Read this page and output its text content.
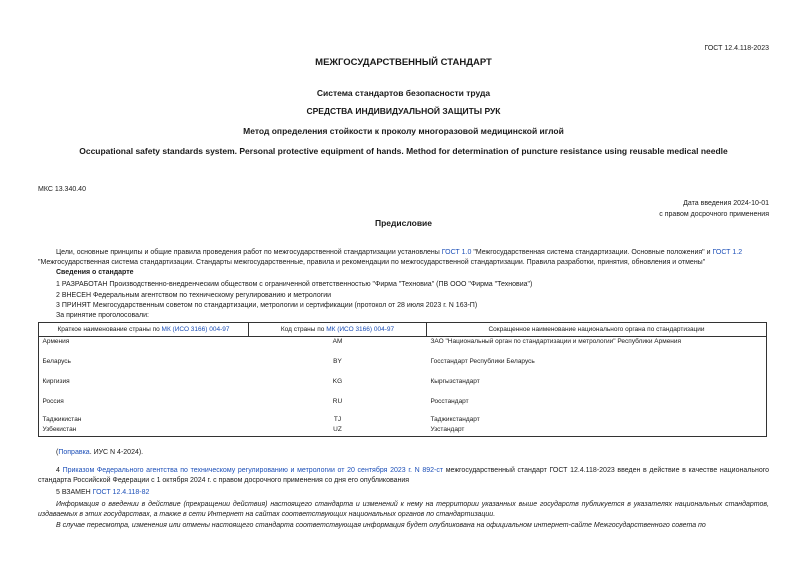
ГОСТ 12.4.118-2023
МЕЖГОСУДАРСТВЕННЫЙ СТАНДАРТ
Система стандартов безопасности труда
СРЕДСТВА ИНДИВИДУАЛЬНОЙ ЗАЩИТЫ РУК
Метод определения стойкости к проколу многоразовой медицинской иглой
Occupational safety standards system. Personal protective equipment of hands. Method for determination of puncture resistance using reusable medical needle
МКС 13.340.40
Дата введения 2024-10-01
с правом досрочного применения
Предисловие
Цели, основные принципы и общие правила проведения работ по межгосударственной стандартизации установлены ГОСТ 1.0 "Межгосударственная система стандартизации. Основные положения" и ГОСТ 1.2 "Межгосударственная система стандартизации. Стандарты межгосударственные, правила и рекомендации по межгосударственной стандартизации. Правила разработки, принятия, обновления и отмены"
Сведения о стандарте
1 РАЗРАБОТАН Производственно-внедренческим обществом с ограниченной ответственностью "Фирма "Техновиа" (ПВ ООО "Фирма "Техновиа")
2 ВНЕСЕН Федеральным агентством по техническому регулированию и метрологии
3 ПРИНЯТ Межгосударственным советом по стандартизации, метрологии и сертификации (протокол от 28 июля 2023 г. N 163-П)
За принятие проголосовали:
Краткое наименование страны по МК (ИСО 3166) 004-97	Код страны по МК (ИСО 3166) 004-97	Сокращенное наименование национального органа по стандартизации
Армения	AM	ЗАО "Национальный орган по стандартизации и метрологии" Республики Армения
Беларусь	BY	Госстандарт Республики Беларусь
Киргизия	KG	Кыргызстандарт
Россия	RU	Росстандарт
Таджикистан	TJ	Таджикстандарт
Узбекистан	UZ	Узстандарт
(Поправка. ИУС N 4-2024).
4 Приказом Федерального агентства по техническому регулированию и метрологии от 20 сентября 2023 г. N 892-ст межгосударственный стандарт ГОСТ 12.4.118-2023 введен в действие в качестве национального стандарта Российской Федерации с 1 октября 2024 г. с правом досрочного применения со дня его опубликования
5 ВЗАМЕН ГОСТ 12.4.118-82
Информация о введении в действие (прекращении действия) настоящего стандарта и изменений к нему на территории указанных выше государств публикуется в указателях национальных стандартов, издаваемых в этих государствах, а также в сети Интернет на сайтах соответствующих национальных органов по стандартизации.
В случае пересмотра, изменения или отмены настоящего стандарта соответствующая информация будет опубликована на официальном интернет-сайте Межгосударственного совета по
